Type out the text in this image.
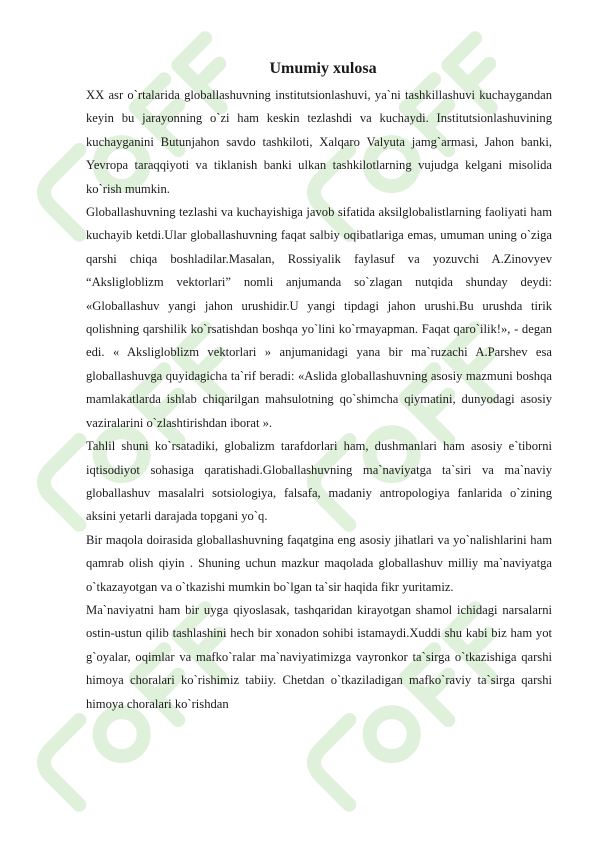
Umumiy xulosa

XX asr o`rtalarida globallashuvning institutsionlashuvi, ya`ni tashkillashuvi kuchaygandan keyin bu jarayonning o`zi ham keskin tezlashdi va kuchaydi. Institutsionlashuvining kuchayganini Butunjahon savdo tashkiloti, Xalqaro Valyuta jamg`armasi, Jahon banki, Yevropa taraqqiyoti va tiklanish banki ulkan tashkilotlarning vujudga kelgani misolida ko`rish mumkin.

Globallashuvning tezlashi va kuchayishiga javob sifatida aksilglobalistlarning faoliyati ham kuchayib ketdi.Ular globallashuvning faqat salbiy oqibatlariga emas, umuman uning o`ziga qarshi chiqa boshladilar.Masalan, Rossiyalik faylasuf va yozuvchi A.Zinovyev “Aksligloblizm vektorlari” nomli anjumanda so`zlagan nutqida shunday deydi: «Globallashuv yangi jahon urushidir.U yangi tipdagi jahon urushi.Bu urushda tirik qolishning qarshilik ko`rsatishdan boshqa yo`lini ko`rmayapman. Faqat qaro`ilik!», - degan edi. « Aksligloblizm vektorlari » anjumanidagi yana bir ma`ruzachi A.Parshev esa globallashuvga quyidagicha ta`rif beradi: «Aslida globallashuvning asosiy mazmuni boshqa mamlakatlarda ishlab chiqarilgan mahsulotning qo`shimcha qiymatini, dunyodagi asosiy vaziralarini o`zlashtirishdan iborat ».

Tahlil shuni ko`rsatadiki, globalizm tarafdorlari ham, dushmanlari ham asosiy e`tiborni iqtisodiyot sohasiga qaratishadi.Globallashuvning ma`naviyatga ta`siri va ma`naviy globallashuv masalalri sotsiologiya, falsafa, madaniy antropologiya fanlarida o`zining aksini yetarli darajada topgani yo`q.

Bir maqola doirasida globallashuvning faqatgina eng asosiy jihatlari va yo`nalishlarini ham qamrab olish qiyin . Shuning uchun mazkur maqolada globallashuv milliy ma`naviyatga o`tkazayotgan va o`tkazishi mumkin bo`lgan ta`sir haqida fikr yuritamiz.

Ma`naviyatni ham bir uyga qiyoslasak, tashqaridan kirayotgan shamol ichidagi narsalarni ostin-ustun qilib tashlashini hech bir xonadon sohibi istamaydi.Xuddi shu kabi biz ham yot g`oyalar, oqimlar va mafko`ralar ma`naviyatimizga vayronkor ta`sirga o`tkazishiga qarshi himoya choralari ko`rishimiz tabiiy. Chetdan o`tkaziladigan mafko`raviy ta`sirga qarshi himoya choralari ko`rishdan
